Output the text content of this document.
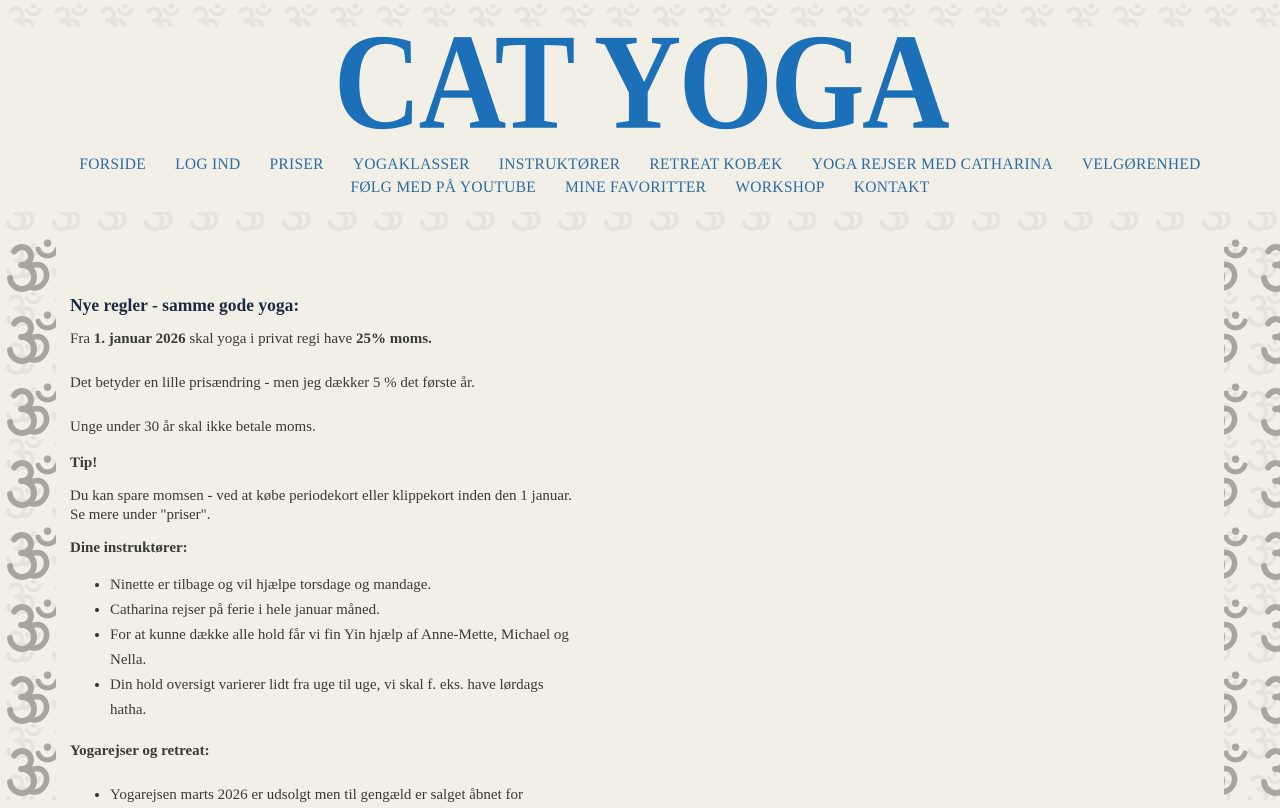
CAT YOGA
FORSIDE LOG IND PRISER YOGAKLASSER INSTRUKTØRER RETREAT KOBÆK YOGA REJSER MED CATHARINA VELGØRENHED
FØLG MED PÅ YOUTUBE MINE FAVORITTER WORKSHOP KONTAKT
Nye regler - samme gode yoga:

Fra 1. januar 2026 skal yoga i privat regi have 25% moms.

Det betyder en lille prisændring - men jeg dækker 5 % det første år.

Unge under 30 år skal ikke betale moms.

Tip!

Du kan spare momsen - ved at købe periodekort eller klippekort inden den 1 januar.
Se mere under "priser".

Dine instruktører:

• Ninette er tilbage og vil hjælpe torsdage og mandage.
• Catharina rejser på ferie i hele januar måned.
• For at kunne dække alle hold får vi fin Yin hjælp af Anne-Mette, Michael og
Nella.
• Din hold oversigt varierer lidt fra uge til uge, vi skal f. eks. have lørdags
hatha.

Yogarejser og retreat:

• Yogarejsen marts 2026 er udsolgt men til gengæld er salget åbnet for
